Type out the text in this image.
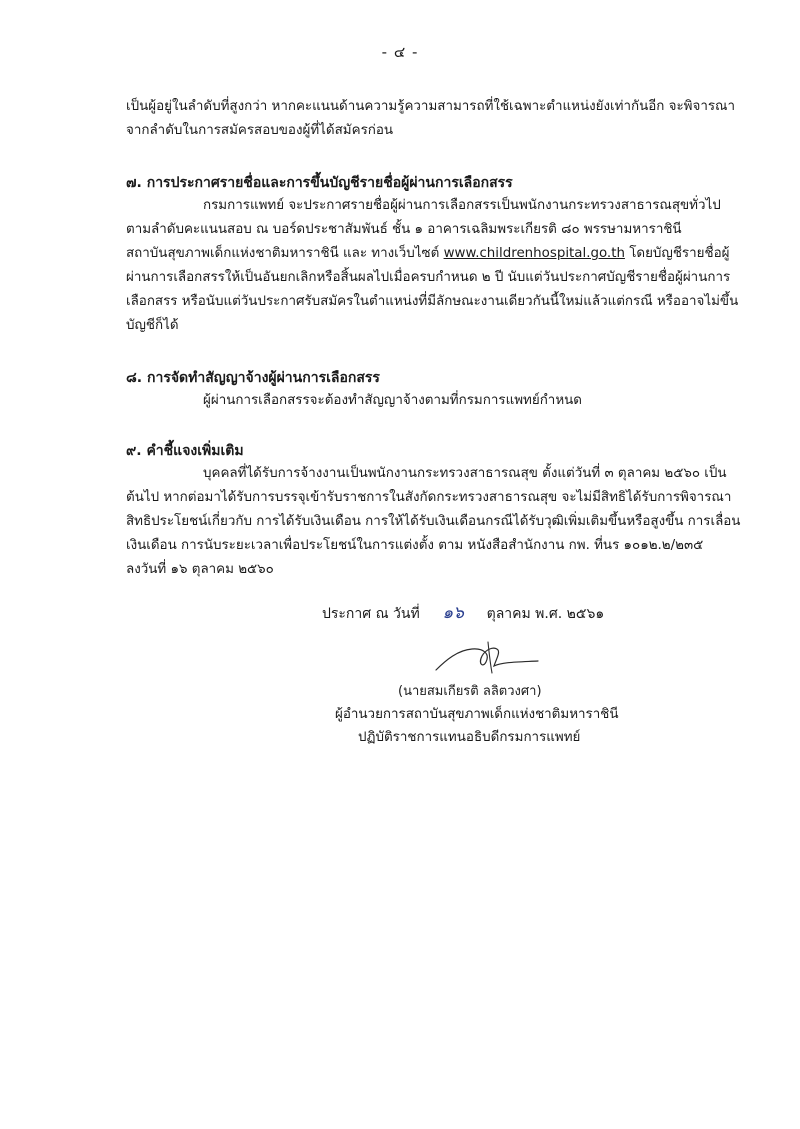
- ๔ -
เป็นผู้อยู่ในลำดับที่สูงกว่า หากคะแนนด้านความรู้ความสามารถที่ใช้เฉพาะตำแหน่งยังเท่ากันอีก จะพิจารณา
จากลำดับในการสมัครสอบของผู้ที่ได้สมัครก่อน
๗. การประกาศรายชื่อและการขึ้นบัญชีรายชื่อผู้ผ่านการเลือกสรร
กรมการแพทย์ จะประกาศรายชื่อผู้ผ่านการเลือกสรรเป็นพนักงานกระทรวงสาธารณสุขทั่วไป
ตามลำดับคะแนนสอบ ณ บอร์ดประชาสัมพันธ์ ชั้น ๑ อาคารเฉลิมพระเกียรติ ๘๐ พรรษามหาราชินี
สถาบันสุขภาพเด็กแห่งชาติมหาราชินี และ ทางเว็บไซต์ www.childrenhospital.go.th โดยบัญชีรายชื่อผู้
ผ่านการเลือกสรรให้เป็นอันยกเลิกหรือสิ้นผลไปเมื่อครบกำหนด ๒ ปี นับแต่วันประกาศบัญชีรายชื่อผู้ผ่านการ
เลือกสรร หรือนับแต่วันประกาศรับสมัครในตำแหน่งที่มีลักษณะงานเดียวกันนี้ใหม่แล้วแต่กรณี หรืออาจไม่ขึ้น
บัญชีก็ได้
๘. การจัดทำสัญญาจ้างผู้ผ่านการเลือกสรร
ผู้ผ่านการเลือกสรรจะต้องทำสัญญาจ้างตามที่กรมการแพทย์กำหนด
๙. คำชี้แจงเพิ่มเติม
บุคคลที่ได้รับการจ้างงานเป็นพนักงานกระทรวงสาธารณสุข ตั้งแต่วันที่ ๓ ตุลาคม ๒๕๖๐ เป็น
ต้นไป หากต่อมาได้รับการบรรจุเข้ารับราชการในสังกัดกระทรวงสาธารณสุข จะไม่มีสิทธิได้รับการพิจารณา
สิทธิประโยชน์เกี่ยวกับ การได้รับเงินเดือน การให้ได้รับเงินเดือนกรณีได้รับวุฒิเพิ่มเติมขึ้นหรือสูงขึ้น การเลื่อน
เงินเดือน การนับระยะเวลาเพื่อประโยชน์ในการแต่งตั้ง ตาม หนังสือสำนักงาน กพ. ที่นร ๑๐๑๒.๒/๒๓๕
ลงวันที่ ๑๖ ตุลาคม ๒๕๖๐
ประกาศ ณ วันที่ ๑๖ ตุลาคม พ.ศ. ๒๕๖๑
(นายสมเกียรติ ลลิตวงศา)
ผู้อำนวยการสถาบันสุขภาพเด็กแห่งชาติมหาราชินี
ปฏิบัติราชการแทนอธิบดีกรมการแพทย์
